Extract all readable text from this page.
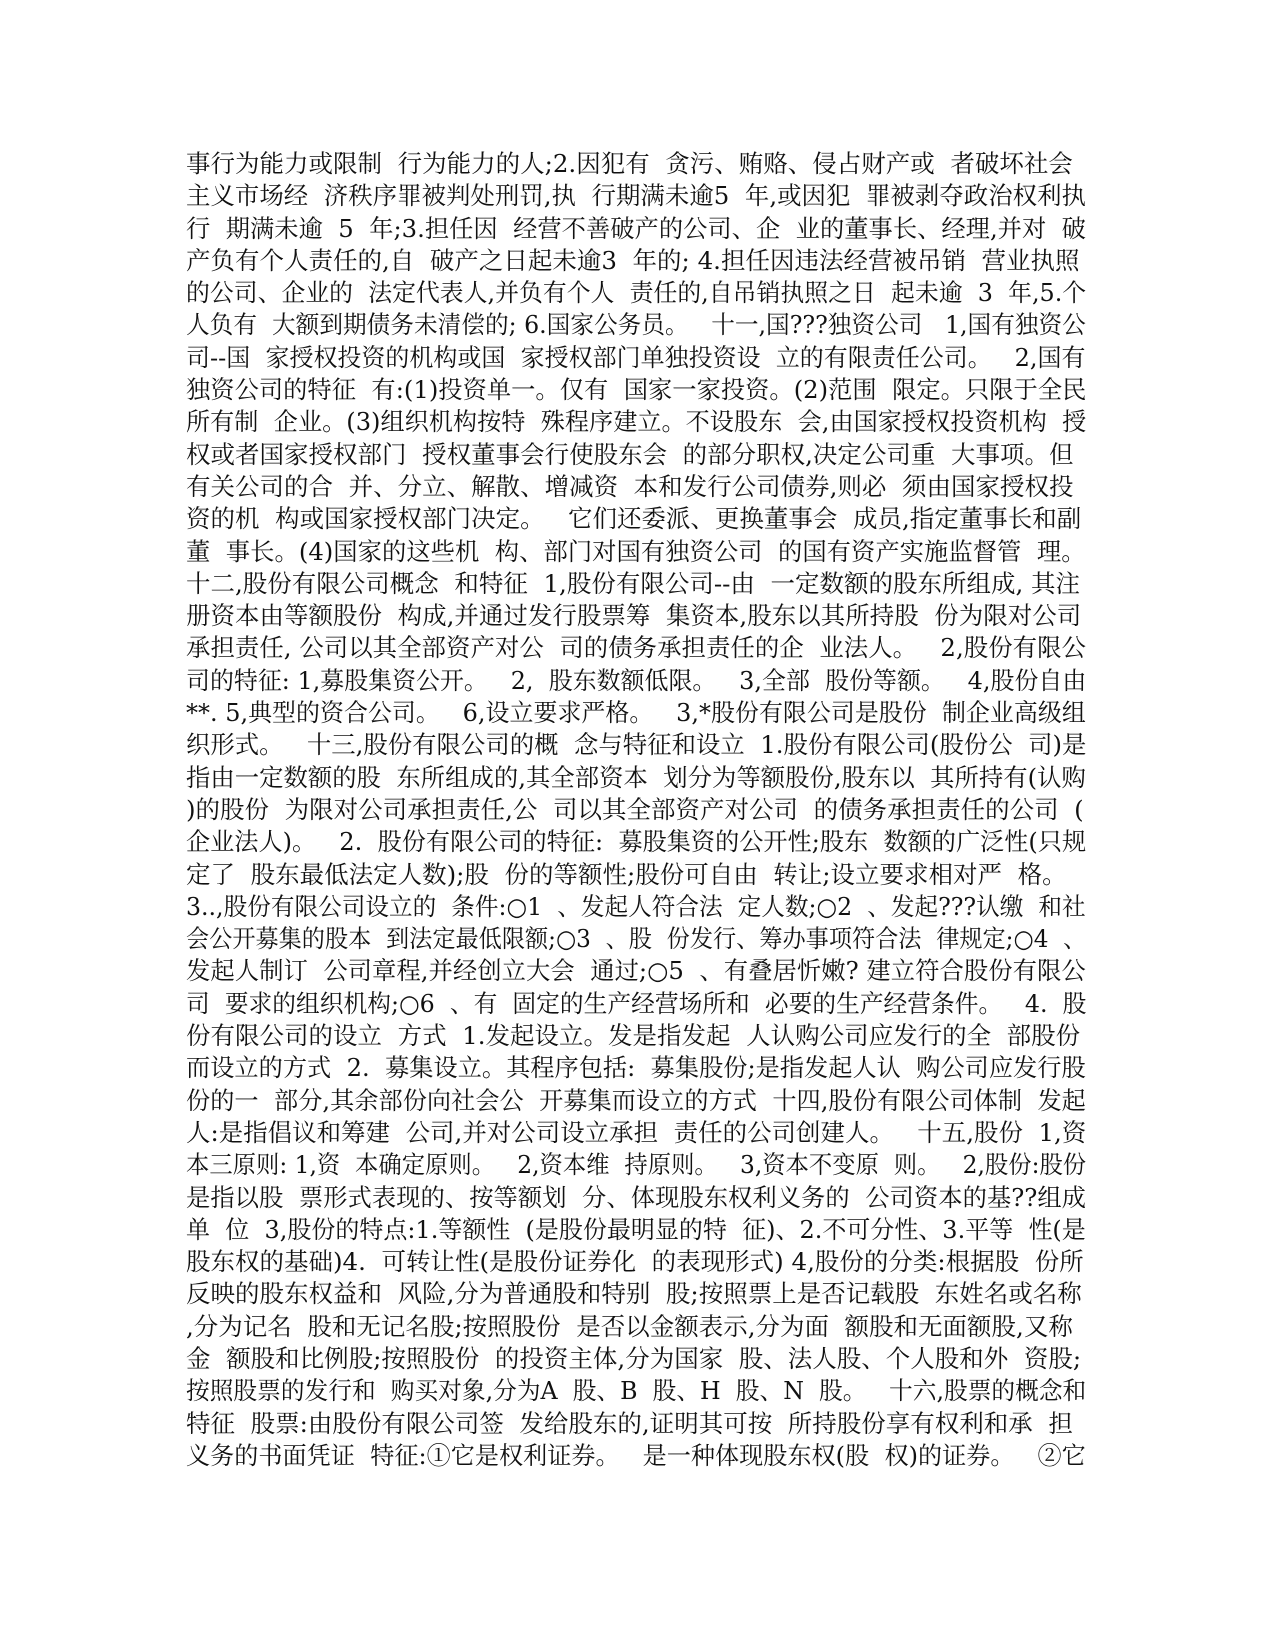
事行为能力或限制  行为能力的人;2.因犯有  贪污、贿赂、侵占财产或  者破坏社会
主义市场经  济秩序罪被判处刑罚,执  行期满未逾5  年,或因犯  罪被剥夺政治权利执
行  期满未逾  5  年;3.担任因  经营不善破产的公司、企  业的董事长、经理,并对  破
产负有个人责任的,自  破产之日起未逾3  年的; 4.担任因违法经营被吊销  营业执照
的公司、企业的  法定代表人,并负有个人  责任的,自吊销执照之日  起未逾  3  年,5.个
人负有  大额到期债务未清偿的; 6.国家公务员。   十一,国???独资公司   1,国有独资公
司--国  家授权投资的机构或国  家授权部门单独投资设  立的有限责任公司。   2,国有
独资公司的特征  有:(1)投资单一。仅有  国家一家投资。(2)范围  限定。只限于全民
所有制  企业。(3)组织机构按特  殊程序建立。不设股东  会,由国家授权投资机构  授
权或者国家授权部门  授权董事会行使股东会  的部分职权,决定公司重  大事项。但
有关公司的合  并、分立、解散、增减资  本和发行公司债券,则必  须由国家授权投
资的机  构或国家授权部门决定。   它们还委派、更换董事会  成员,指定董事长和副
董  事长。(4)国家的这些机  构、部门对国有独资公司  的国有资产实施监督管  理。
十二,股份有限公司概念  和特征  1,股份有限公司--由  一定数额的股东所组成, 其注
册资本由等额股份  构成,并通过发行股票筹  集资本,股东以其所持股  份为限对公司
承担责任, 公司以其全部资产对公  司的债务承担责任的企  业法人。   2,股份有限公
司的特征: 1,募股集资公开。   2,  股东数额低限。   3,全部  股份等额。   4,股份自由
**. 5,典型的资合公司。   6,设立要求严格。   3,*股份有限公司是股份  制企业高级组
织形式。   十三,股份有限公司的概  念与特征和设立  1.股份有限公司(股份公  司)是
指由一定数额的股  东所组成的,其全部资本  划分为等额股份,股东以  其所持有(认购
)的股份  为限对公司承担责任,公  司以其全部资产对公司  的债务承担责任的公司  (
企业法人)。   2.  股份有限公司的特征:  募股集资的公开性;股东  数额的广泛性(只规
定了  股东最低法定人数);股  份的等额性;股份可自由  转让;设立要求相对严  格。
3..,股份有限公司设立的  条件:○1  、发起人符合法  定人数;○2  、发起???认缴  和社
会公开募集的股本  到法定最低限额;○3  、股  份发行、筹办事项符合法  律规定;○4  、
发起人制订  公司章程,并经创立大会  通过;○5  、有叠居忻嫩? 建立符合股份有限公
司  要求的组织机构;○6  、有  固定的生产经营场所和  必要的生产经营条件。   4.  股
份有限公司的设立  方式  1.发起设立。发是指发起  人认购公司应发行的全  部股份
而设立的方式  2.  募集设立。其程序包括:  募集股份;是指发起人认  购公司应发行股
份的一  部分,其余部份向社会公  开募集而设立的方式  十四,股份有限公司体制  发起
人:是指倡议和筹建  公司,并对公司设立承担  责任的公司创建人。   十五,股份  1,资
本三原则: 1,资  本确定原则。   2,资本维  持原则。   3,资本不变原  则。   2,股份:股份
是指以股  票形式表现的、按等额划  分、体现股东权利义务的  公司资本的基??组成
单  位  3,股份的特点:1.等额性  (是股份最明显的特  征)、2.不可分性、3.平等  性(是
股东权的基础)4.  可转让性(是股份证券化  的表现形式) 4,股份的分类:根据股  份所
反映的股东权益和  风险,分为普通股和特别  股;按照票上是否记载股  东姓名或名称
,分为记名  股和无记名股;按照股份  是否以金额表示,分为面  额股和无面额股,又称
金  额股和比例股;按照股份  的投资主体,分为国家  股、法人股、个人股和外  资股;
按照股票的发行和  购买对象,分为A  股、B  股、H  股、N  股。   十六,股票的概念和
特征  股票:由股份有限公司签  发给股东的,证明其可按  所持股份享有权利和承  担
义务的书面凭证  特征:①它是权利证券。   是一种体现股东权(股  权)的证券。   ②它
